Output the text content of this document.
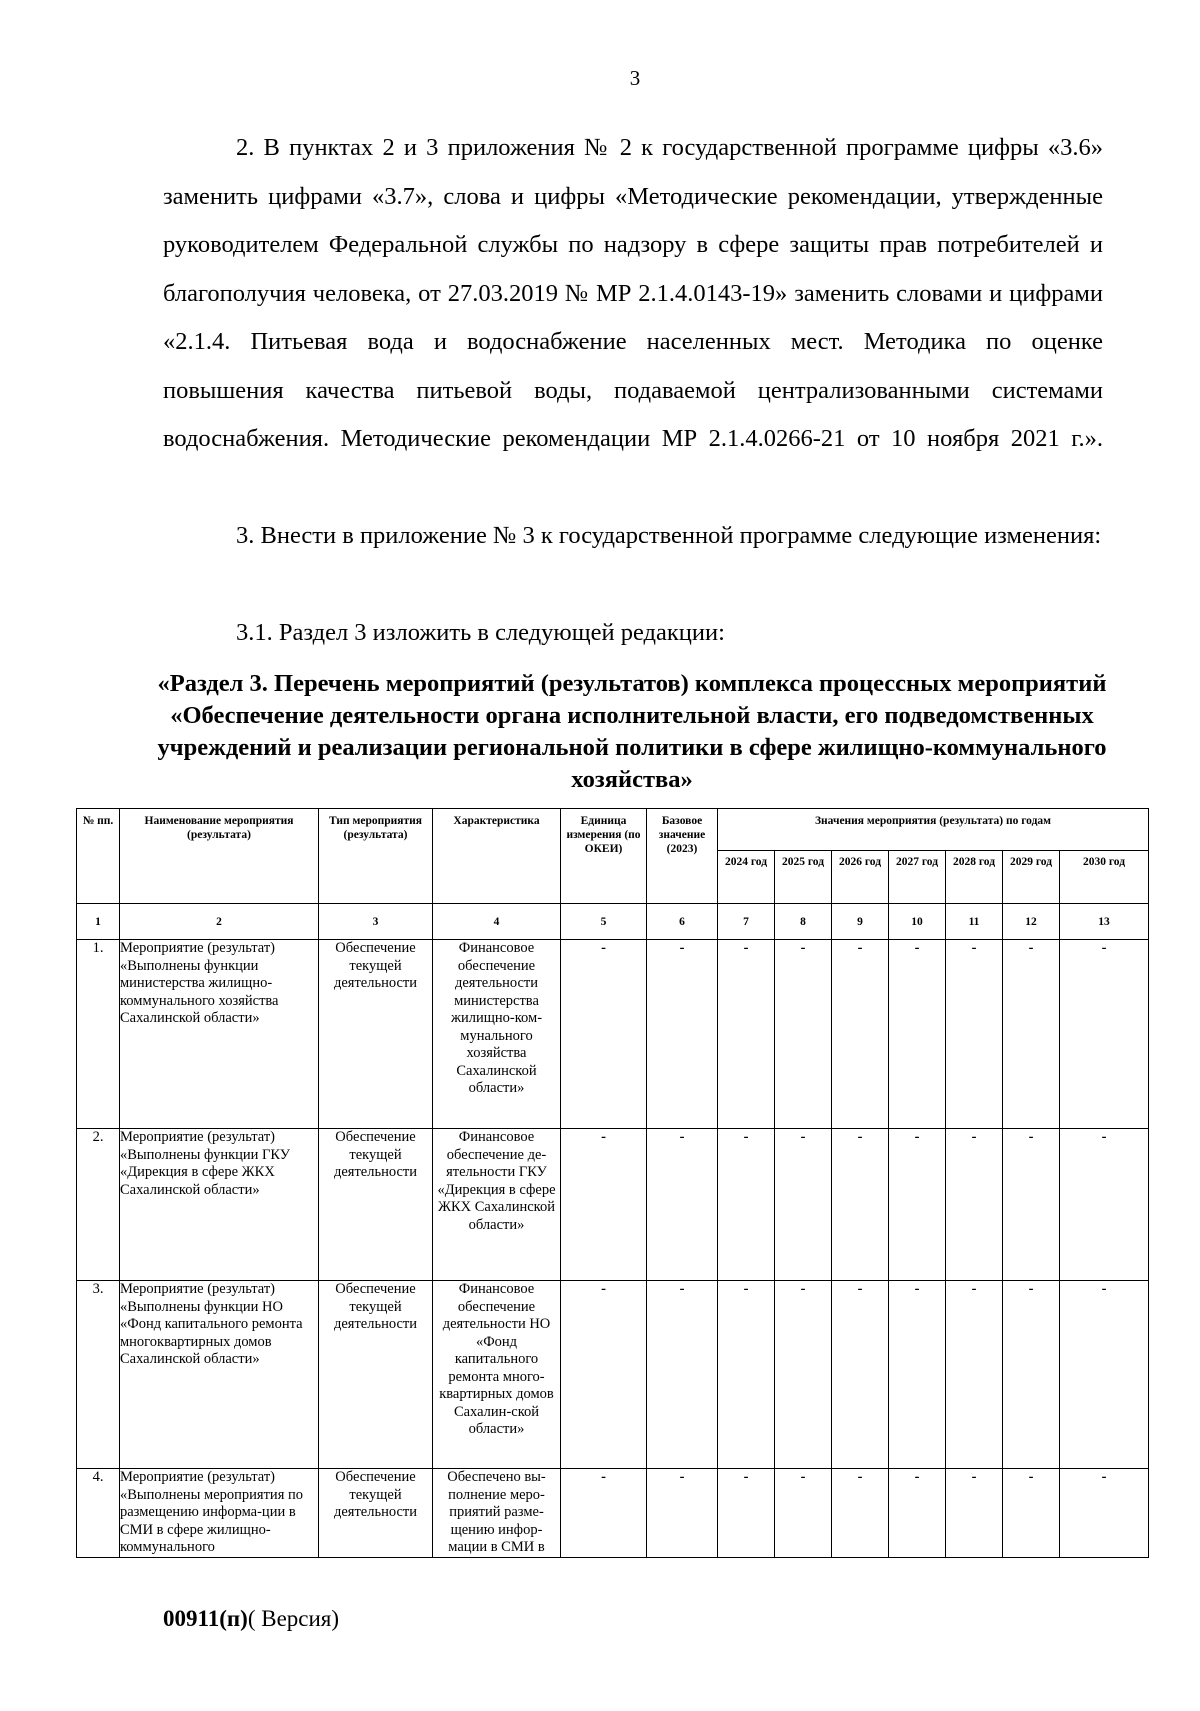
3

2. В пунктах 2 и 3 приложения № 2 к государственной программе цифры «3.6» заменить цифрами «3.7», слова и цифры «Методические рекомендации, утвержденные руководителем Федеральной службы по надзору в сфере защиты прав потребителей и благополучия человека, от 27.03.2019 № МР 2.1.4.0143-19» заменить словами и цифрами «2.1.4. Питьевая вода и водоснабжение населенных мест. Методика по оценке повышения качества питьевой воды, подаваемой централизованными системами водоснабжения. Методические рекомендации МР 2.1.4.0266-21 от 10 ноября 2021 г.».

3. Внести в приложение № 3 к государственной программе следующие изменения:

3.1. Раздел 3 изложить в следующей редакции:

«Раздел 3. Перечень мероприятий (результатов) комплекса процессных мероприятий «Обеспечение деятельности органа исполнительной власти, его подведомственных учреждений и реализации региональной политики в сфере жилищно-коммунального хозяйства»
№ пп.	Наименование мероприятия (результата)	Тип мероприятия (результата)	Характеристика	Единица измерения (по ОКЕИ)	Базовое значение (2023)	Значения мероприятия (результата) по годам						
						2024 год	2025 год	2026 год	2027 год	2028 год	2029 год	2030 год
1	2	3	4	5	6	7	8	9	10	11	12	13
1.	Мероприятие (результат) «Выполнены функции министерства жилищно-коммунального хозяйства Сахалинской области»	Обеспечение текущей деятельности	Финансовое обеспечение деятельности министерства жилищно-ком-мунального хозяйства Сахалинской области»	-	-	-	-	-	-	-	-	-
2.	Мероприятие (результат) «Выполнены функции ГКУ «Дирекция в сфере ЖКХ Сахалинской области»	Обеспечение текущей деятельности	Финансовое обеспечение де-ятельности ГКУ «Дирекция в сфере ЖКХ Сахалинской области»	-	-	-	-	-	-	-	-	-
3.	Мероприятие (результат) «Выполнены функции НО «Фонд капитального ремонта многоквартирных домов Сахалинской области»	Обеспечение текущей деятельности	Финансовое обеспечение деятельности НО «Фонд капитального ремонта много-квартирных домов Сахалин-ской области»	-	-	-	-	-	-	-	-	-
4.	Мероприятие (результат) «Выполнены мероприятия по размещению информа-ции в СМИ в сфере жилищно-коммунального	Обеспечение текущей деятельности	Обеспечено вы-полнение меро-приятий разме-щению инфор-мации в СМИ в	-	-	-	-	-	-	-	-	-
00911(п)( Версия)
